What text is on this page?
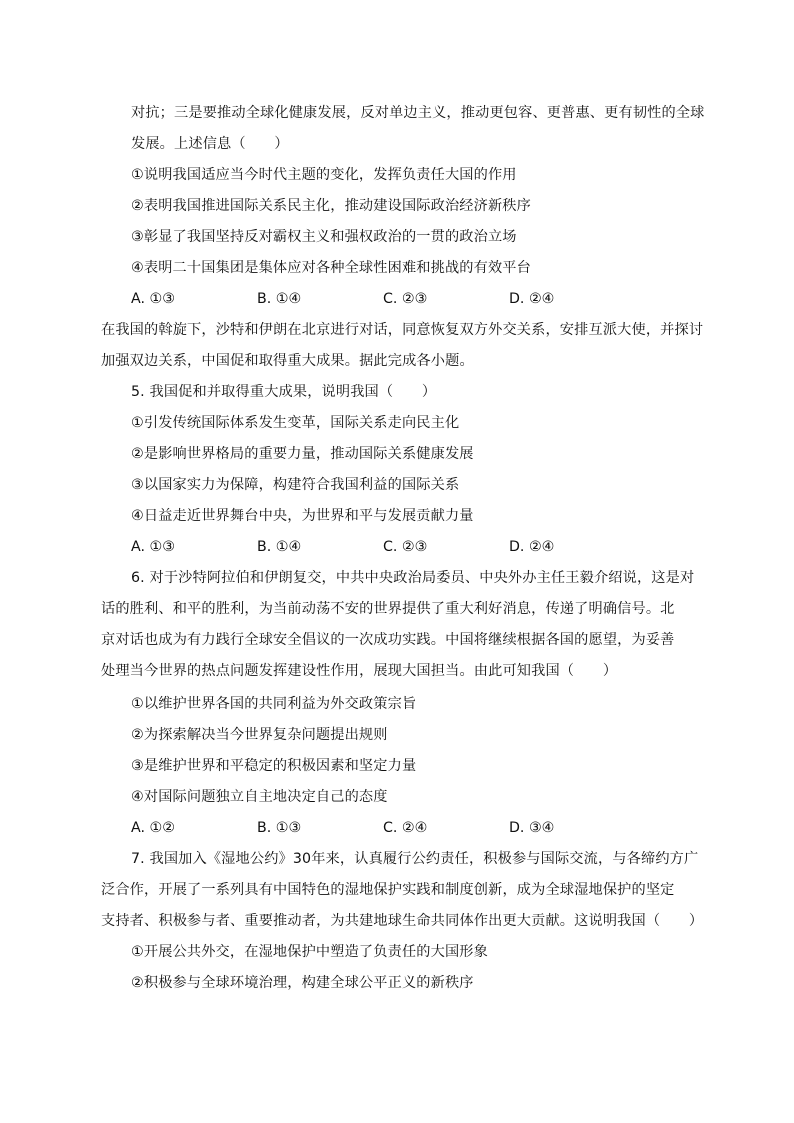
对抗；三是要推动全球化健康发展，反对单边主义，推动更包容、更普惠、更有韧性的全球
发展。上述信息（　　）
①说明我国适应当今时代主题的变化，发挥负责任大国的作用
②表明我国推进国际关系民主化，推动建设国际政治经济新秩序
③彰显了我国坚持反对霸权主义和强权政治的一贯的政治立场
④表明二十国集团是集体应对各种全球性困难和挑战的有效平台
A. ①③	B. ①④	C. ②③	D. ②④
在我国的斡旋下，沙特和伊朗在北京进行对话，同意恢复双方外交关系，安排互派大使，并探讨
加强双边关系，中国促和取得重大成果。据此完成各小题。
5. 我国促和并取得重大成果，说明我国（　　）
①引发传统国际体系发生变革，国际关系走向民主化
②是影响世界格局的重要力量，推动国际关系健康发展
③以国家实力为保障，构建符合我国利益的国际关系
④日益走近世界舞台中央，为世界和平与发展贡献力量
A. ①③	B. ①④	C. ②③	D. ②④
6. 对于沙特阿拉伯和伊朗复交，中共中央政治局委员、中央外办主任王毅介绍说，这是对
话的胜利、和平的胜利，为当前动荡不安的世界提供了重大利好消息，传递了明确信号。北
京对话也成为有力践行全球安全倡议的一次成功实践。中国将继续根据各国的愿望，为妥善
处理当今世界的热点问题发挥建设性作用，展现大国担当。由此可知我国（　　）
①以维护世界各国的共同利益为外交政策宗旨
②为探索解决当今世界复杂问题提出规则
③是维护世界和平稳定的积极因素和坚定力量
④对国际问题独立自主地决定自己的态度
A. ①②	B. ①③	C. ②④	D. ③④
7. 我国加入《湿地公约》30年来，认真履行公约责任，积极参与国际交流，与各缔约方广
泛合作，开展了一系列具有中国特色的湿地保护实践和制度创新，成为全球湿地保护的坚定
支持者、积极参与者、重要推动者，为共建地球生命共同体作出更大贡献。这说明我国（　　）
①开展公共外交，在湿地保护中塑造了负责任的大国形象
②积极参与全球环境治理，构建全球公平正义的新秩序
